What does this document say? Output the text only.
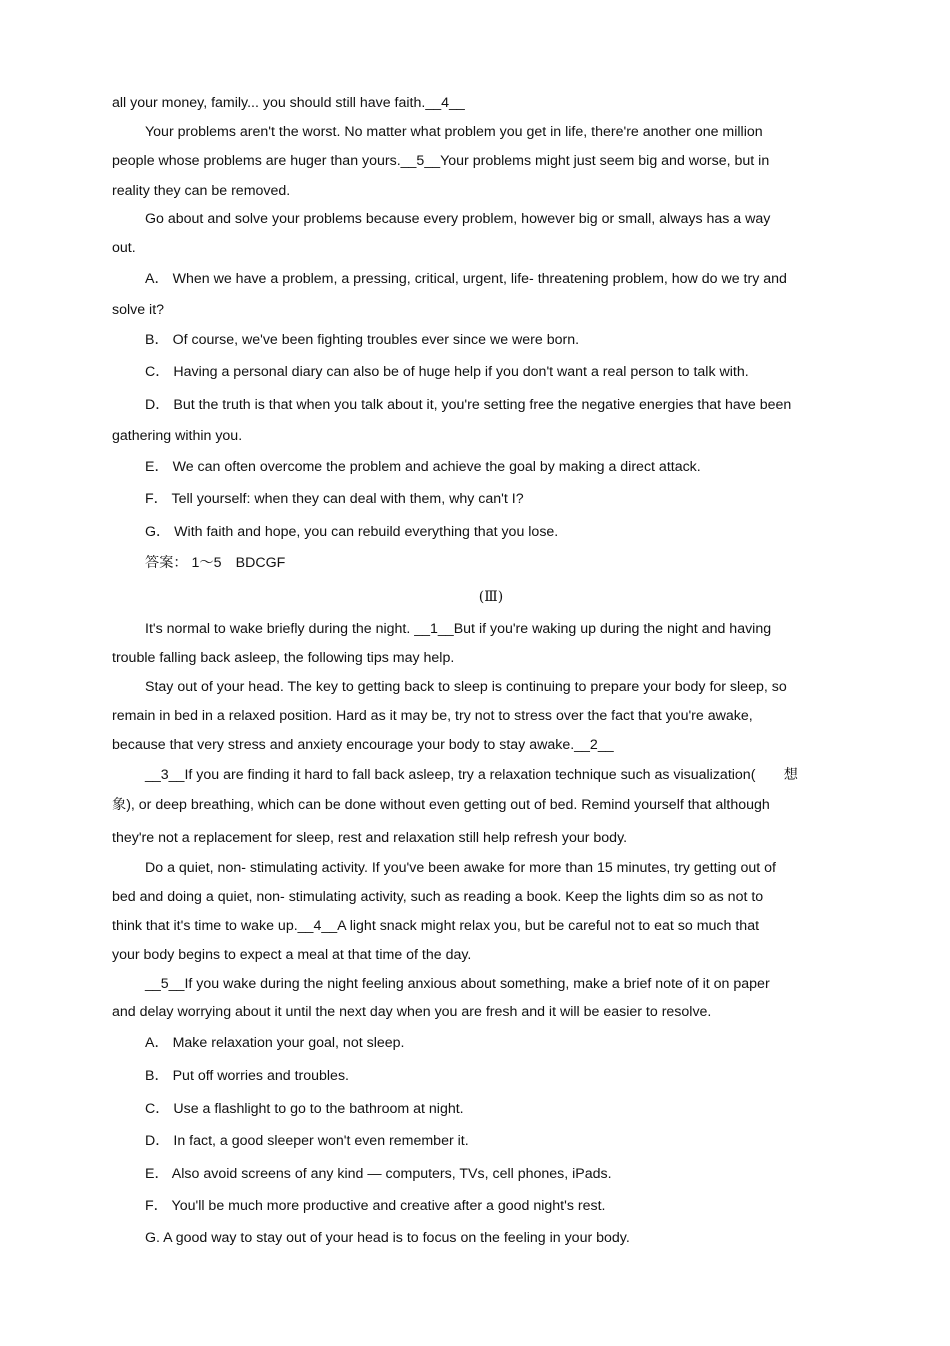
all your money, family... you should still have faith.__4__
Your problems aren't the worst. No matter what problem you get in life, there're another one million
people whose problems are huger than yours.__5__Your problems might just seem big and worse, but in
reality they can be removed.
Go about and solve your problems because every problem, however big or small, always has a way
out.
A． When we have a problem, a pressing, critical, urgent, life- threatening problem, how do we try and
solve it?
B． Of course, we've been fighting troubles ever since we were born.
C． Having a personal diary can also be of huge help if you don't want a real person to talk with.
D． But the truth is that when you talk about it, you're setting free the negative energies that have been
gathering within you.
E． We can often overcome the problem and achieve the goal by making a direct attack.
F． Tell yourself: when they can deal with them, why can't I?
G． With faith and hope, you can rebuild everything that you lose.
答案： 1～5　BDCGF
(Ⅲ)
It's normal to wake briefly during the night. __1__But if you're waking up during the night and having
trouble falling back asleep, the following tips may help.
Stay out of your head. The key to getting back to sleep is continuing to prepare your body for sleep, so
remain in bed in a relaxed position. Hard as it may be, try not to stress over the fact that you're awake,
because that very stress and anxiety encourage your body to stay awake.__2__
__3__If you are finding it hard to fall back asleep, try a relaxation technique such as visualization(　　想
象), or deep breathing, which can be done without even getting out of bed. Remind yourself that although
they're not a replacement for sleep, rest and relaxation still help refresh your body.
Do a quiet, non- stimulating activity. If you've been awake for more than 15 minutes, try getting out of
bed and doing a quiet, non- stimulating activity, such as reading a book. Keep the lights dim so as not to
think that it's time to wake up.__4__A light snack might relax you, but be careful not to eat so much that
your body begins to expect a meal at that time of the day.
__5__If you wake during the night feeling anxious about something, make a brief note of it on paper
and delay worrying about it until the next day when you are fresh and it will be easier to resolve.
A． Make relaxation your goal, not sleep.
B． Put off worries and troubles.
C． Use a flashlight to go to the bathroom at night.
D． In fact, a good sleeper won't even remember it.
E． Also avoid screens of any kind — computers, TVs, cell phones, iPads.
F． You'll be much more productive and creative after a good night's rest.
G. A good way to stay out of your head is to focus on the feeling in your body.
